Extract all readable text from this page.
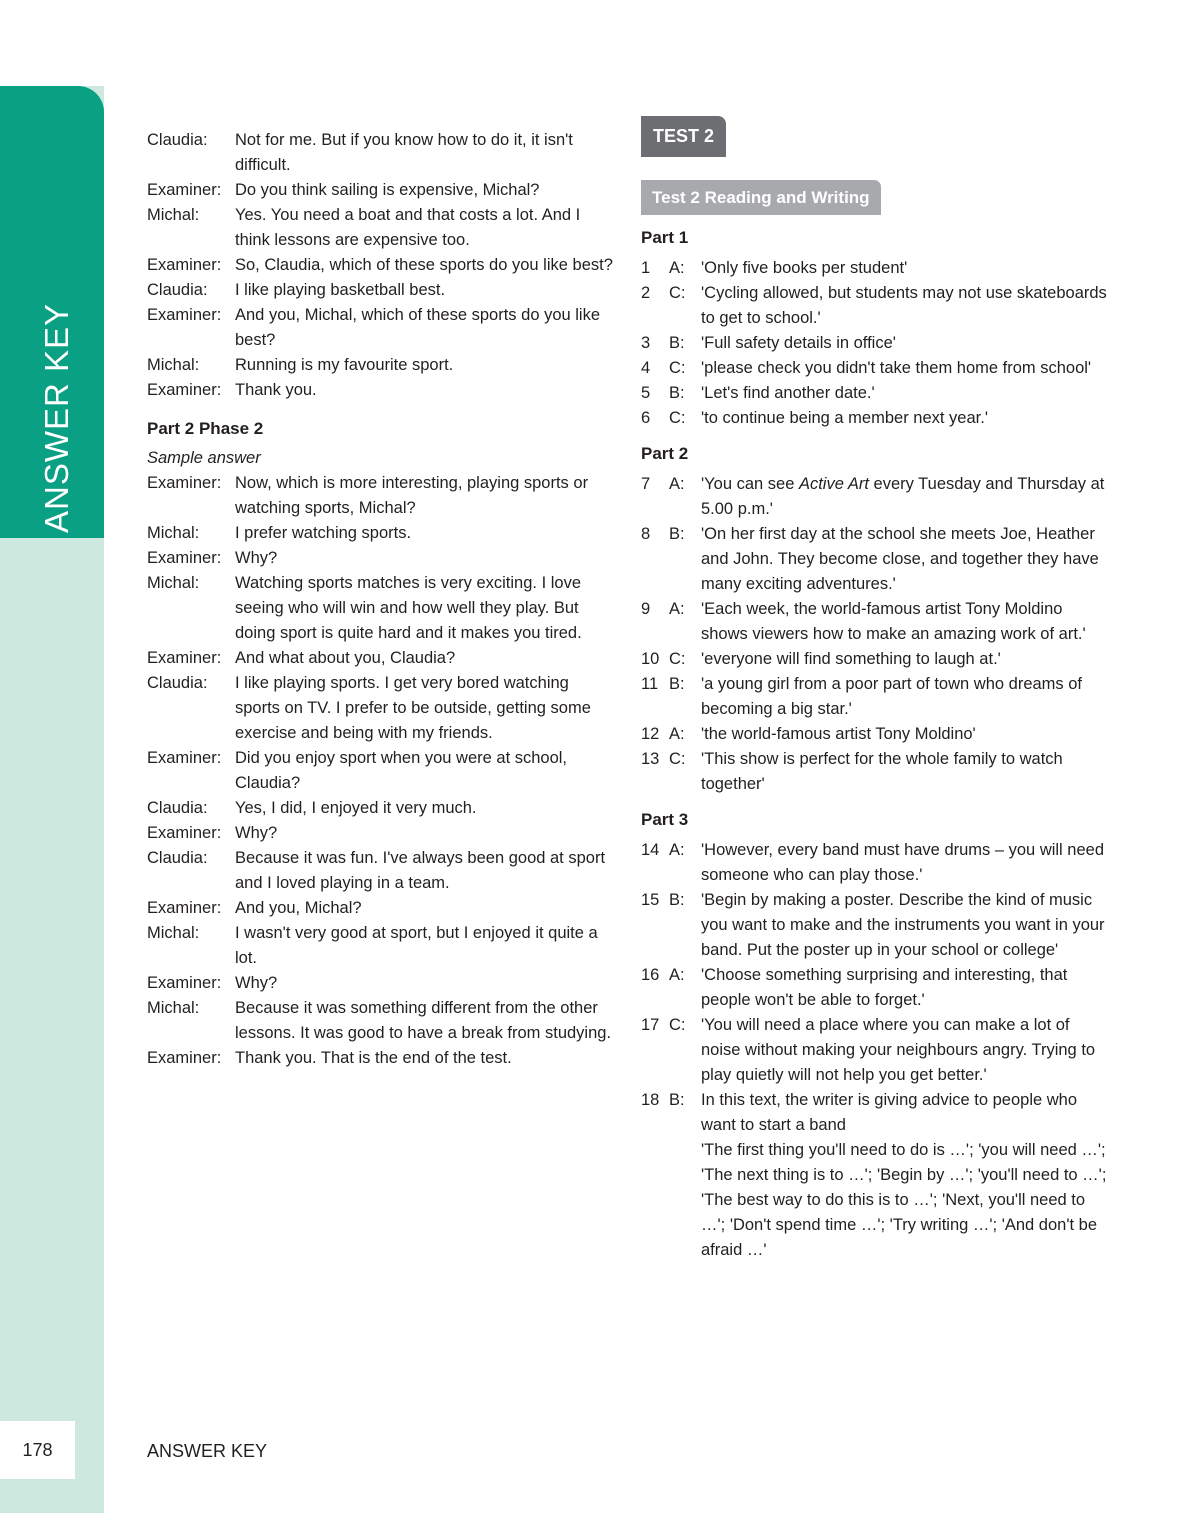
ANSWER KEY
178	ANSWER KEY
Claudia:	Not for me. But if you know how to do it, it isn't difficult.
Examiner: Do you think sailing is expensive, Michal?
Michal:	Yes. You need a boat and that costs a lot. And I think lessons are expensive too.
Examiner: So, Claudia, which of these sports do you like best?
Claudia:	I like playing basketball best.
Examiner: And you, Michal, which of these sports do you like best?
Michal:	Running is my favourite sport.
Examiner: Thank you.
Part 2 Phase 2
Sample answer
Examiner: Now, which is more interesting, playing sports or watching sports, Michal?
Michal:	I prefer watching sports.
Examiner: Why?
Michal:	Watching sports matches is very exciting. I love seeing who will win and how well they play. But doing sport is quite hard and it makes you tired.
Examiner: And what about you, Claudia?
Claudia:	I like playing sports. I get very bored watching sports on TV. I prefer to be outside, getting some exercise and being with my friends.
Examiner: Did you enjoy sport when you were at school, Claudia?
Claudia:	Yes, I did, I enjoyed it very much.
Examiner: Why?
Claudia:	Because it was fun. I've always been good at sport and I loved playing in a team.
Examiner: And you, Michal?
Michal:	I wasn't very good at sport, but I enjoyed it quite a lot.
Examiner: Why?
Michal:	Because it was something different from the other lessons. It was good to have a break from studying.
Examiner: Thank you. That is the end of the test.
TEST 2
Test 2 Reading and Writing
Part 1
1	A: 'Only five books per student'
2	C: 'Cycling allowed, but students may not use skateboards to get to school.'
3	B: 'Full safety details in office'
4	C: 'please check you didn't take them home from school'
5	B: 'Let's find another date.'
6	C: 'to continue being a member next year.'
Part 2
7	A: 'You can see Active Art every Tuesday and Thursday at 5.00 p.m.'
8	B: 'On her first day at the school she meets Joe, Heather and John. They become close, and together they have many exciting adventures.'
9	A: 'Each week, the world-famous artist Tony Moldino shows viewers how to make an amazing work of art.'
10 C: 'everyone will find something to laugh at.'
11 B: 'a young girl from a poor part of town who dreams of becoming a big star.'
12 A: 'the world-famous artist Tony Moldino'
13 C: 'This show is perfect for the whole family to watch together'
Part 3
14 A: 'However, every band must have drums – you will need someone who can play those.'
15 B: 'Begin by making a poster. Describe the kind of music you want to make and the instruments you want in your band. Put the poster up in your school or college'
16 A: 'Choose something surprising and interesting, that people won't be able to forget.'
17 C: 'You will need a place where you can make a lot of noise without making your neighbours angry. Trying to play quietly will not help you get better.'
18 B: In this text, the writer is giving advice to people who want to start a band
'The first thing you'll need to do is …'; 'you will need …'; 'The next thing is to …'; 'Begin by …'; 'you'll need to …'; 'The best way to do this is to …'; 'Next, you'll need to …'; 'Don't spend time …'; 'Try writing …'; 'And don't be afraid …'
